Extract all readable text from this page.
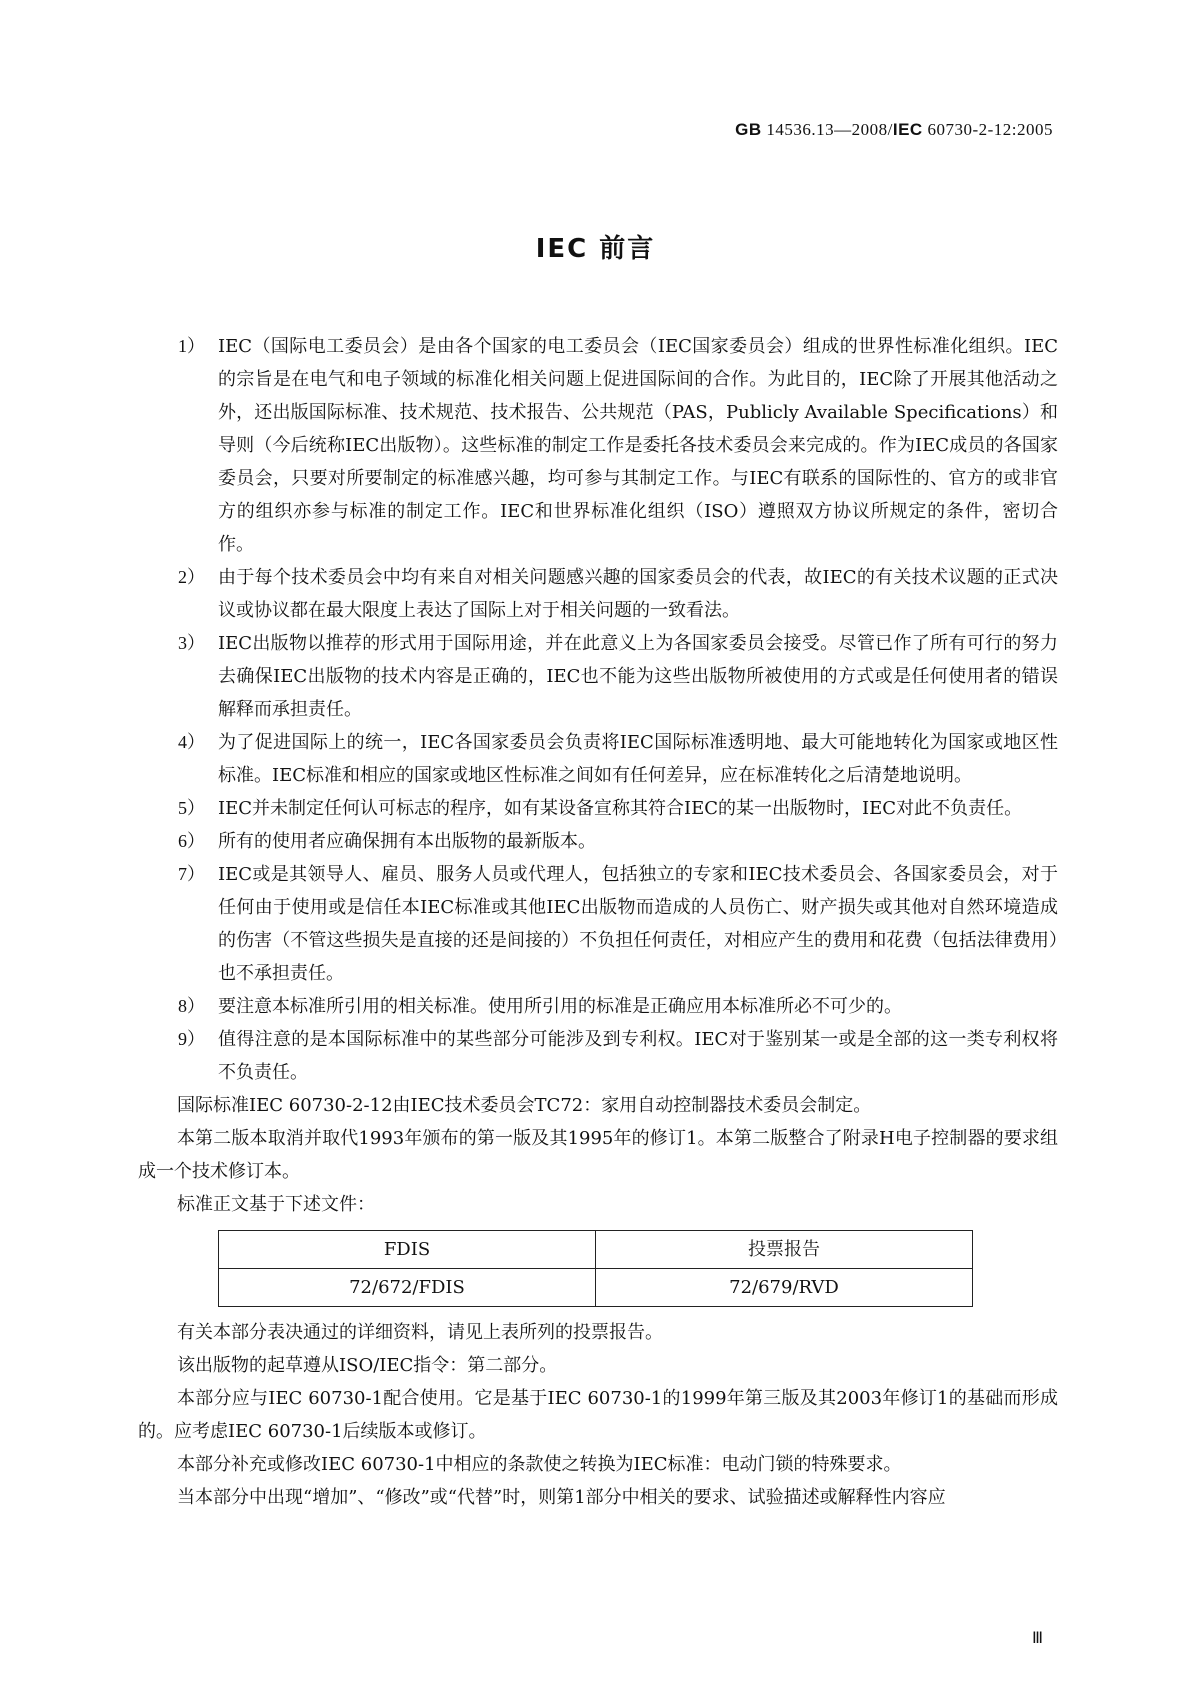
GB 14536.13—2008/IEC 60730-2-12:2005
IEC 前言
1） IEC（国际电工委员会）是由各个国家的电工委员会（IEC国家委员会）组成的世界性标准化组织。IEC的宗旨是在电气和电子领域的标准化相关问题上促进国际间的合作。为此目的，IEC除了开展其他活动之外，还出版国际标准、技术规范、技术报告、公共规范（PAS，Publicly Available Specifications）和导则（今后统称IEC出版物）。这些标准的制定工作是委托各技术委员会来完成的。作为IEC成员的各国家委员会，只要对所要制定的标准感兴趣，均可参与其制定工作。与IEC有联系的国际性的、官方的或非官方的组织亦参与标准的制定工作。IEC和世界标准化组织（ISO）遵照双方协议所规定的条件，密切合作。
2） 由于每个技术委员会中均有来自对相关问题感兴趣的国家委员会的代表，故IEC的有关技术议题的正式决议或协议都在最大限度上表达了国际上对于相关问题的一致看法。
3） IEC出版物以推荐的形式用于国际用途，并在此意义上为各国家委员会接受。尽管已作了所有可行的努力去确保IEC出版物的技术内容是正确的，IEC也不能为这些出版物所被使用的方式或是任何使用者的错误解释而承担责任。
4） 为了促进国际上的统一，IEC各国家委员会负责将IEC国际标准透明地、最大可能地转化为国家或地区性标准。IEC标准和相应的国家或地区性标准之间如有任何差异，应在标准转化之后清楚地说明。
5） IEC并未制定任何认可标志的程序，如有某设备宣称其符合IEC的某一出版物时，IEC对此不负责任。
6） 所有的使用者应确保拥有本出版物的最新版本。
7） IEC或是其领导人、雇员、服务人员或代理人，包括独立的专家和IEC技术委员会、各国家委员会，对于任何由于使用或是信任本IEC标准或其他IEC出版物而造成的人员伤亡、财产损失或其他对自然环境造成的伤害（不管这些损失是直接的还是间接的）不负担任何责任，对相应产生的费用和花费（包括法律费用）也不承担责任。
8） 要注意本标准所引用的相关标准。使用所引用的标准是正确应用本标准所必不可少的。
9） 值得注意的是本国际标准中的某些部分可能涉及到专利权。IEC对于鉴别某一或是全部的这一类专利权将不负责任。
国际标准IEC 60730-2-12由IEC技术委员会TC72：家用自动控制器技术委员会制定。
本第二版本取消并取代1993年颁布的第一版及其1995年的修订1。本第二版整合了附录H电子控制器的要求组成一个技术修订本。
标准正文基于下述文件：
FDIS	投票报告
72/672/FDIS	72/679/RVD
有关本部分表决通过的详细资料，请见上表所列的投票报告。
该出版物的起草遵从ISO/IEC指令：第二部分。
本部分应与IEC 60730-1配合使用。它是基于IEC 60730-1的1999年第三版及其2003年修订1的基础而形成的。应考虑IEC 60730-1后续版本或修订。
本部分补充或修改IEC 60730-1中相应的条款使之转换为IEC标准：电动门锁的特殊要求。
当本部分中出现“增加”、“修改”或“代替”时，则第1部分中相关的要求、试验描述或解释性内容应
Ⅲ
